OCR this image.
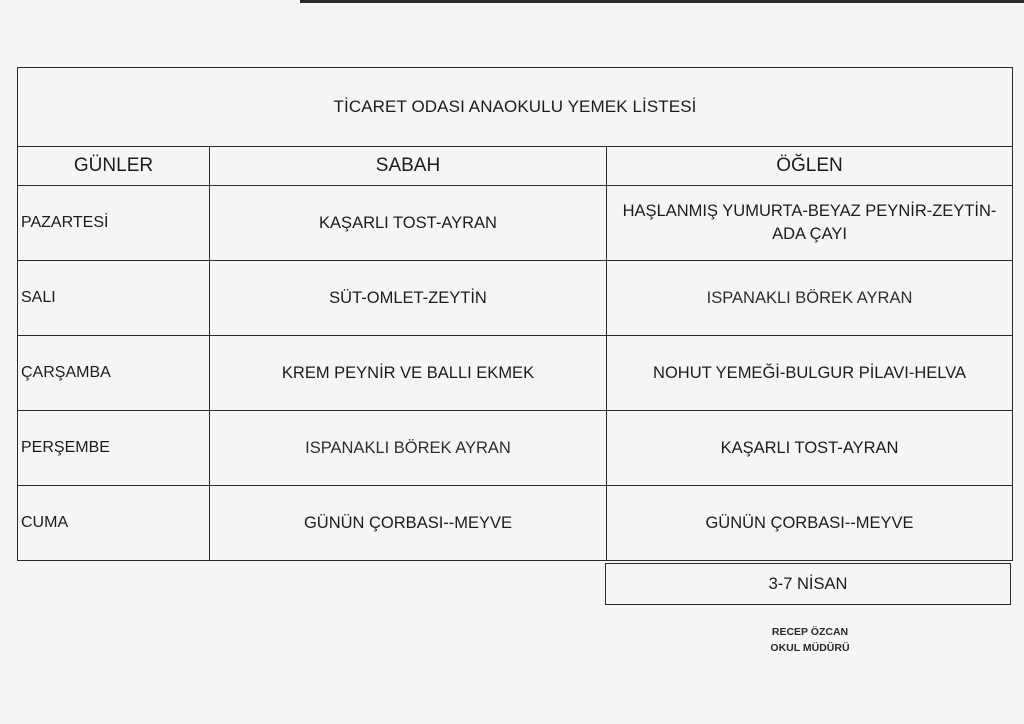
TİCARET ODASI ANAOKULU YEMEK LİSTESİ		
GÜNLER	SABAH	ÖĞLEN
PAZARTESİ	KAŞARLI TOST-AYRAN	HAŞLANMIŞ YUMURTA-BEYAZ PEYNİR-ZEYTİN-ADA ÇAYI
SALI	SÜT-OMLET-ZEYTİN	ISPANAKLI BÖREK AYRAN
ÇARŞAMBA	KREM PEYNİR VE BALLI EKMEK	NOHUT YEMEĞİ-BULGUR PİLAVI-HELVA
PERŞEMBE	ISPANAKLI BÖREK AYRAN	KAŞARLI TOST-AYRAN
CUMA	GÜNÜN ÇORBASI--MEYVE	GÜNÜN ÇORBASI--MEYVE
3-7 NİSAN
RECEP ÖZCAN
OKUL MÜDÜRÜ
